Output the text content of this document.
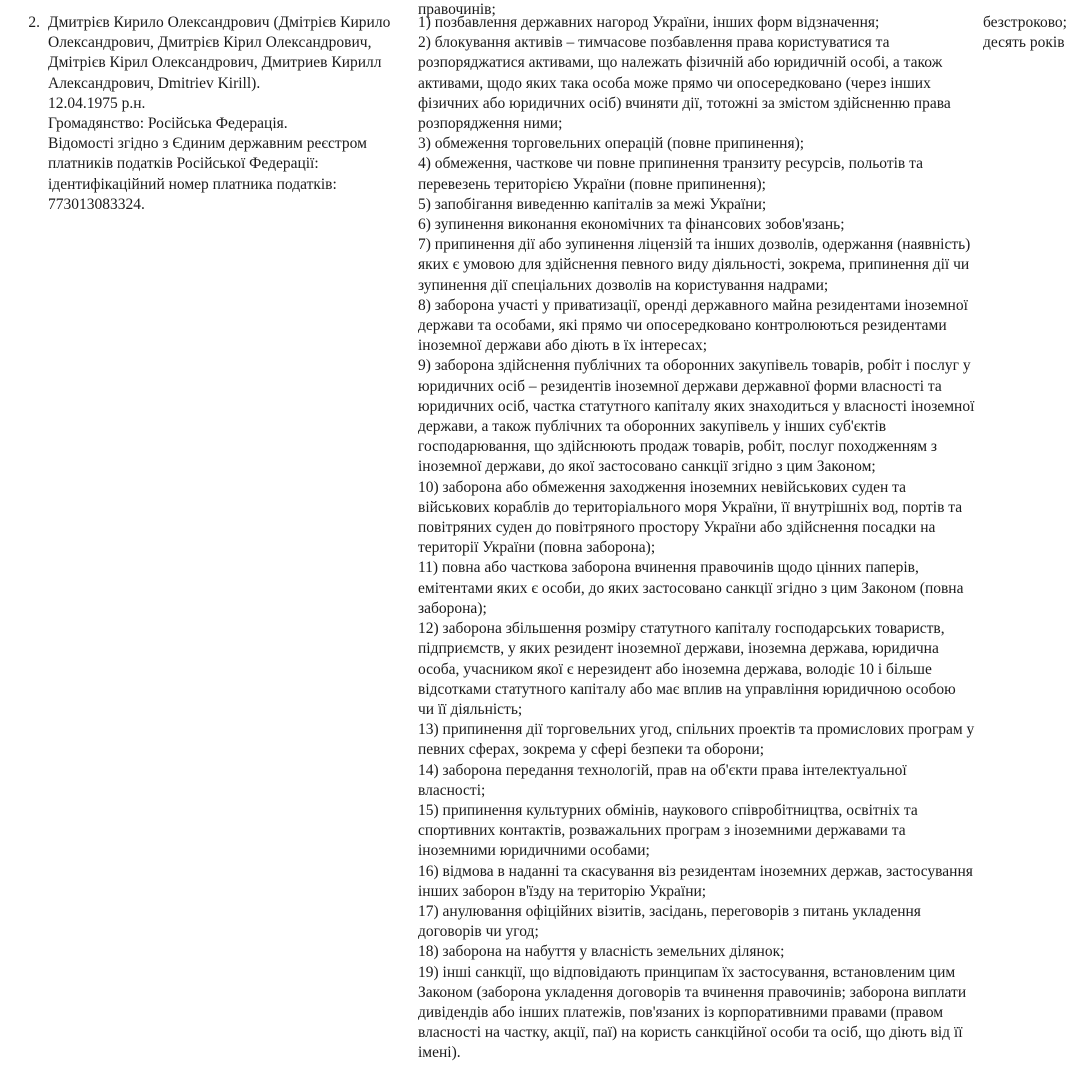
правочинів;
2. Дмитрієв Кирило Олександрович (Дмітрієв Кирило Олександрович, Дмитрієв Кірил Олександрович, Дмітрієв Кірил Олександрович, Дмитриев Кирилл Александрович, Dmitriev Kirill).

12.04.1975 р.н.

Громадянство: Російська Федерація.

Відомості згідно з Єдиним державним реєстром платників податків Російської Федерації: ідентифікаційний номер платника податків: 773013083324.

1) позбавлення державних нагород України, інших форм відзначення;

2) блокування активів – тимчасове позбавлення права користуватися та розпоряджатися активами, що належать фізичній або юридичній особі, а також активами, щодо яких така особа може прямо чи опосередковано (через інших фізичних або юридичних осіб) вчиняти дії, тотожні за змістом здійсненню права розпорядження ними;

3) обмеження торговельних операцій (повне припинення);

4) обмеження, часткове чи повне припинення транзиту ресурсів, польотів та перевезень територією України (повне припинення);

5) запобігання виведенню капіталів за межі України;

6) зупинення виконання економічних та фінансових зобов'язань;

7) припинення дії або зупинення ліцензій та інших дозволів, одержання (наявність) яких є умовою для здійснення певного виду діяльності, зокрема, припинення дії чи зупинення дії спеціальних дозволів на користування надрами;

8) заборона участі у приватизації, оренді державного майна резидентами іноземної держави та особами, які прямо чи опосередковано контролюються резидентами іноземної держави або діють в їх інтересах;

9) заборона здійснення публічних та оборонних закупівель товарів, робіт і послуг у юридичних осіб – резидентів іноземної держави державної форми власності та юридичних осіб, частка статутного капіталу яких знаходиться у власності іноземної держави, а також публічних та оборонних закупівель у інших суб'єктів господарювання, що здійснюють продаж товарів, робіт, послуг походженням з іноземної держави, до якої застосовано санкції згідно з цим Законом;

10) заборона або обмеження заходження іноземних невійськових суден та військових кораблів до територіального моря України, її внутрішніх вод, портів та повітряних суден до повітряного простору України або здійснення посадки на території України (повна заборона);

11) повна або часткова заборона вчинення правочинів щодо цінних паперів, емітентами яких є особи, до яких застосовано санкції згідно з цим Законом (повна заборона);

12) заборона збільшення розміру статутного капіталу господарських товариств, підприємств, у яких резидент іноземної держави, іноземна держава, юридична особа, учасником якої є нерезидент або іноземна держава, володіє 10 і більше відсотками статутного капіталу або має вплив на управління юридичною особою чи її діяльність;

13) припинення дії торговельних угод, спільних проектів та промислових програм у певних сферах, зокрема у сфері безпеки та оборони;

14) заборона передання технологій, прав на об'єкти права інтелектуальної власності;

15) припинення культурних обмінів, наукового співробітництва, освітніх та спортивних контактів, розважальних програм з іноземними державами та іноземними юридичними особами;

16) відмова в наданні та скасування віз резидентам іноземних держав, застосування інших заборон в'їзду на територію України;

17) анулювання офіційних візитів, засідань, переговорів з питань укладення договорів чи угод;

18) заборона на набуття у власність земельних ділянок;

19) інші санкції, що відповідають принципам їх застосування, встановленим цим Законом (заборона укладення договорів та вчинення правочинів; заборона виплати дивідендів або інших платежів, пов'язаних із корпоративними правами (правом власності на частку, акції, паї) на користь санкційної особи та осіб, що діють від її імені).

безстроково;

десять років
